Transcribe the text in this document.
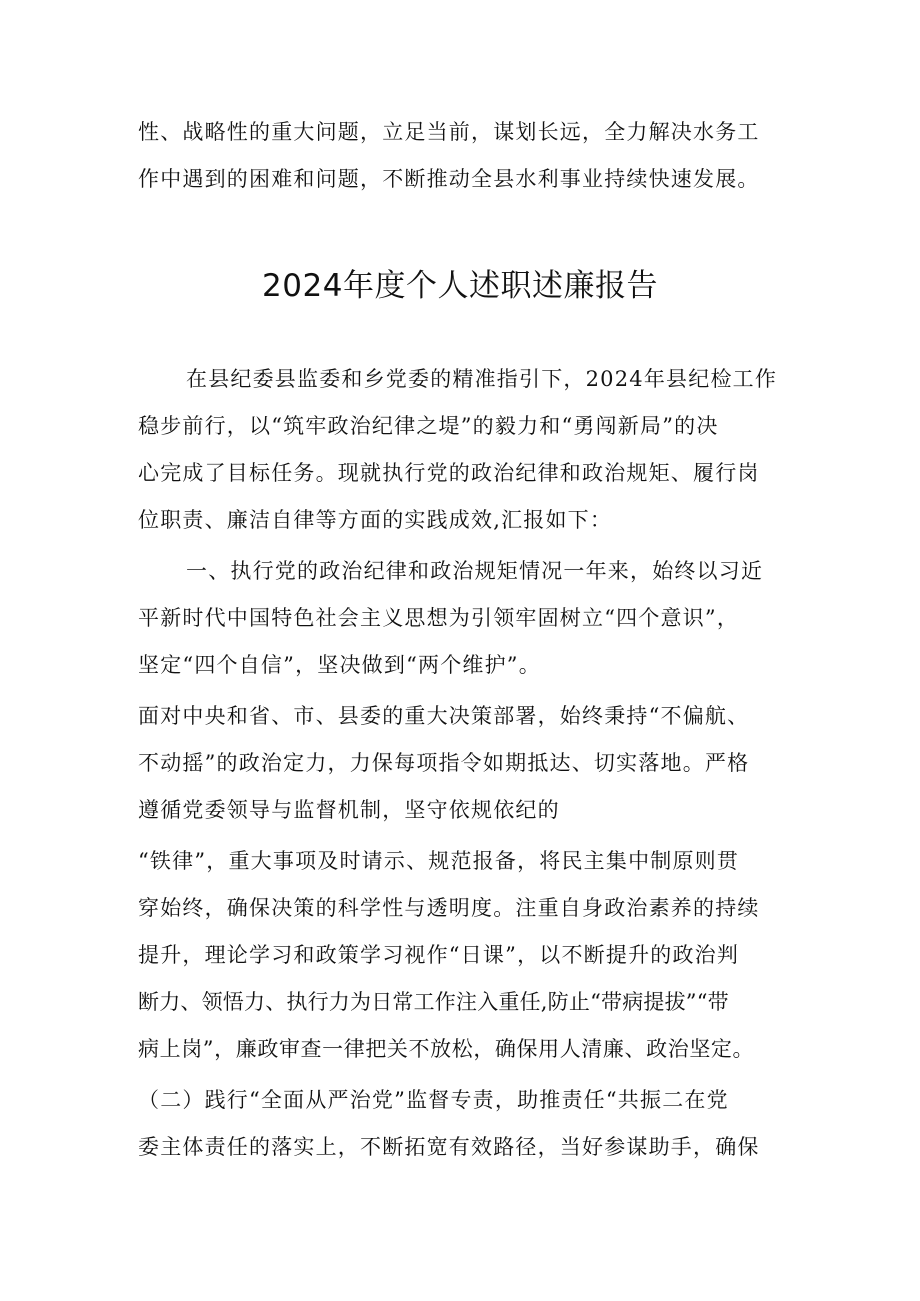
性、战略性的重大问题，立足当前，谋划长远，全力解决水务工
作中遇到的困难和问题，不断推动全县水利事业持续快速发展。
2024年度个人述职述廉报告
在县纪委县监委和乡党委的精准指引下，2024年县纪检工作
稳步前行，以“筑牢政治纪律之堤”的毅力和“勇闯新局”的决
心完成了目标任务。现就执行党的政治纪律和政治规矩、履行岗
位职责、廉洁自律等方面的实践成效,汇报如下：
一、执行党的政治纪律和政治规矩情况一年来，始终以习近
平新时代中国特色社会主义思想为引领牢固树立“四个意识”，
坚定“四个自信”，坚决做到“两个维护”。
面对中央和省、市、县委的重大决策部署，始终秉持“不偏航、
不动摇”的政治定力，力保每项指令如期抵达、切实落地。严格
遵循党委领导与监督机制，坚守依规依纪的
“铁律”，重大事项及时请示、规范报备，将民主集中制原则贯
穿始终，确保决策的科学性与透明度。注重自身政治素养的持续
提升，理论学习和政策学习视作“日课”，以不断提升的政治判
断力、领悟力、执行力为日常工作注入重任,防止“带病提拔”“带
病上岗”，廉政审查一律把关不放松，确保用人清廉、政治坚定。
（二）践行“全面从严治党”监督专责，助推责任“共振二在党
委主体责任的落实上，不断拓宽有效路径，当好参谋助手，确保
